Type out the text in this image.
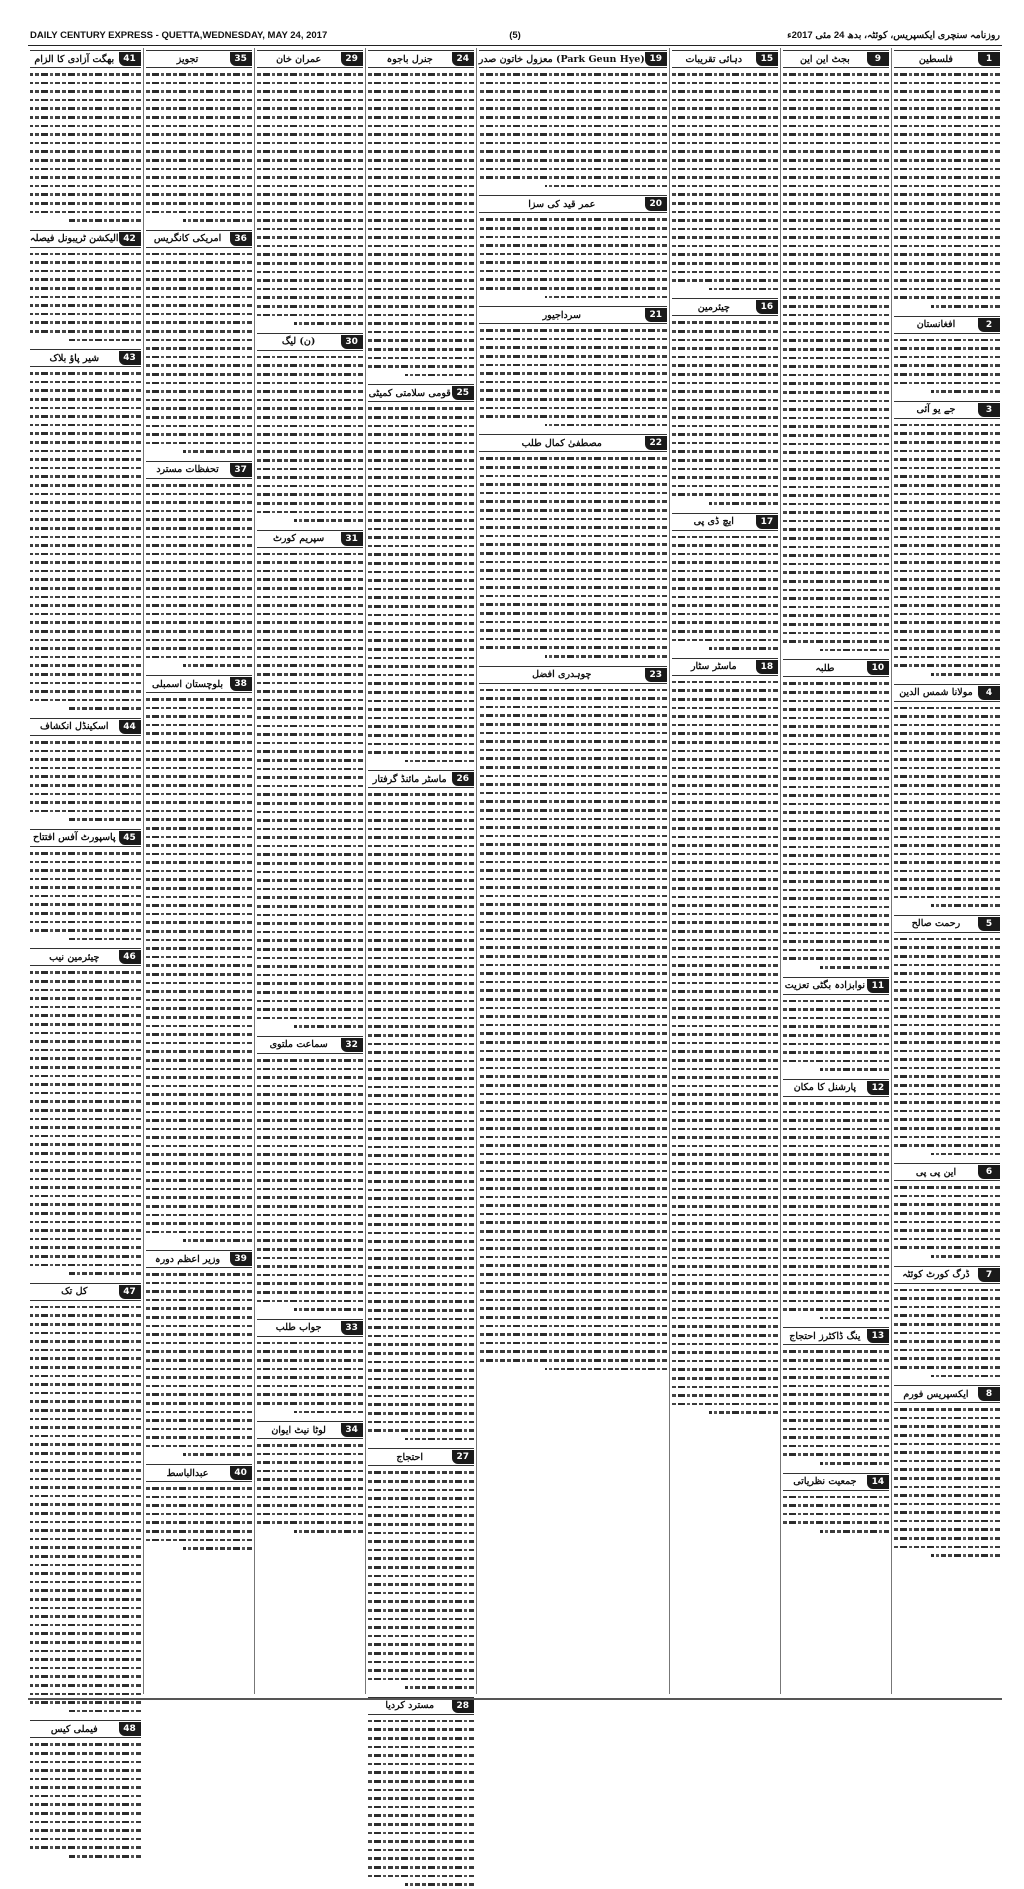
DAILY CENTURY EXPRESS - QUETTA,WEDNESDAY, MAY 24, 2017	(5)	روزنامہ سنچری ایکسپریس، کوئٹہ، بدھ 24 مئی 2017ء
1
فلسطین
2
افغانستان
3
جے یو آئی
4
مولانا شمس الدین
5
رحمت صالح
6
این پی پی
7
ڈرگ کورٹ کوئٹہ
8
ایکسپریس فورم
9
بجٹ این این
10
طلبہ
11
نوابزادہ بگٹی تعزیت
12
پارشنل کا مکان
13
ینگ ڈاکٹرز احتجاج
14
جمعیت نظریاتی
15
دہائی تقریبات
16
چیئرمین
17
ایچ ڈی پی
18
ماسٹر سٹار
19
(Park Geun Hye) معزول خاتون صدر
20
عمر قید کی سزا
21
سرداجیور
22
مصطفیٰ کمال طلب
23
چوہدری افضل
24
جنرل باجوہ
25
قومی سلامتی کمیٹی
26
ماسٹر مائنڈ گرفتار
27
احتجاج
28
مسترد کردیا
29
عمران خان
30
(ن) لیگ
31
سپریم کورٹ
32
سماعت ملتوی
33
جواب طلب
34
لوٹا نیٹ ایوان
35
تجویز
36
امریکی کانگریس
37
تحفظات مسترد
38
بلوچستان اسمبلی
39
وزیر اعظم دورہ
40
عبدالباسط
41
بھگت آزادی کا الزام
42
الیکشن ٹریبونل فیصلہ
43
شیر پاؤ بلاک
44
اسکینڈل انکشاف
45
پاسپورٹ آفس افتتاح
46
چیئرمین نیب
47
کل تک
48
فیملی کیس
